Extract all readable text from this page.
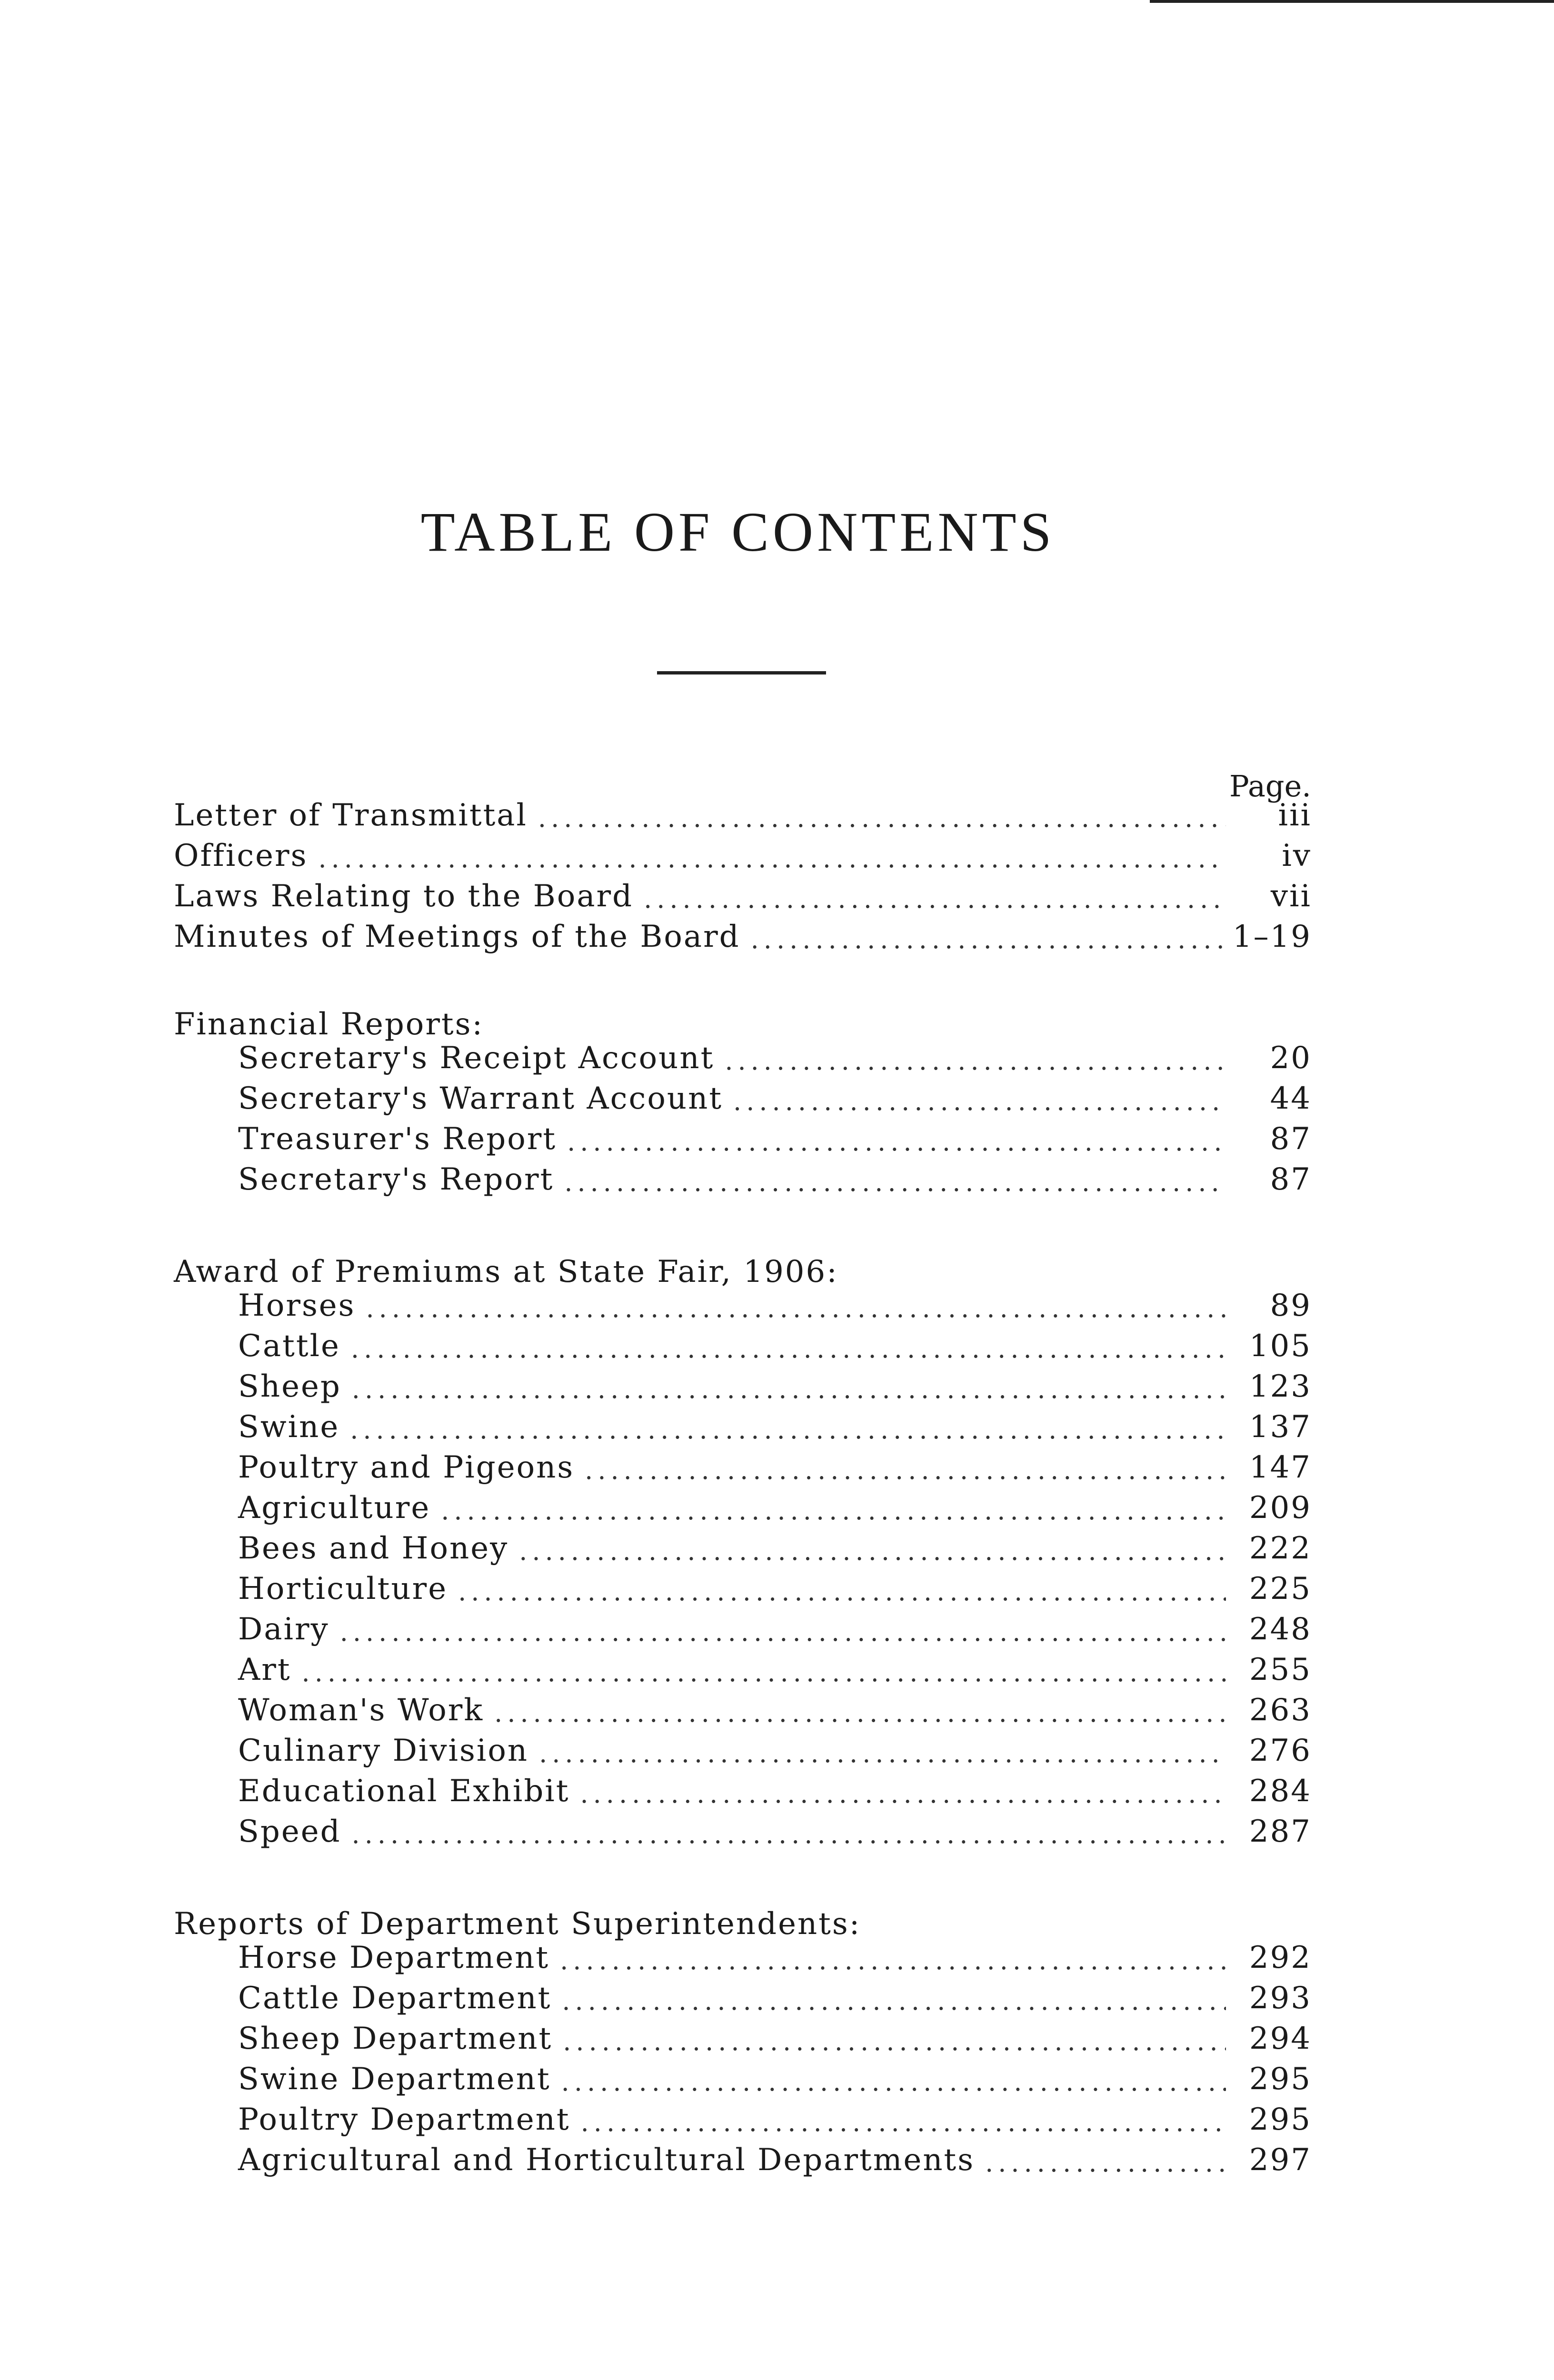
TABLE OF CONTENTS
Page.
Letter of Transmittal .....	iii
Officers .....	iv
Laws Relating to the Board .....	vii
Minutes of Meetings of the Board .....	1–19
Financial Reports:
Secretary's Receipt Account .....	20
Secretary's Warrant Account .....	44
Treasurer's Report .....	87
Secretary's Report .....	87
Award of Premiums at State Fair, 1906:
Horses .....	89
Cattle .....	105
Sheep .....	123
Swine .....	137
Poultry and Pigeons .....	147
Agriculture .....	209
Bees and Honey .....	222
Horticulture .....	225
Dairy .....	248
Art .....	255
Woman's Work .....	263
Culinary Division .....	276
Educational Exhibit .....	284
Speed .....	287
Reports of Department Superintendents:
Horse Department .....	292
Cattle Department .....	293
Sheep Department .....	294
Swine Department .....	295
Poultry Department .....	295
Agricultural and Horticultural Departments .....	297
